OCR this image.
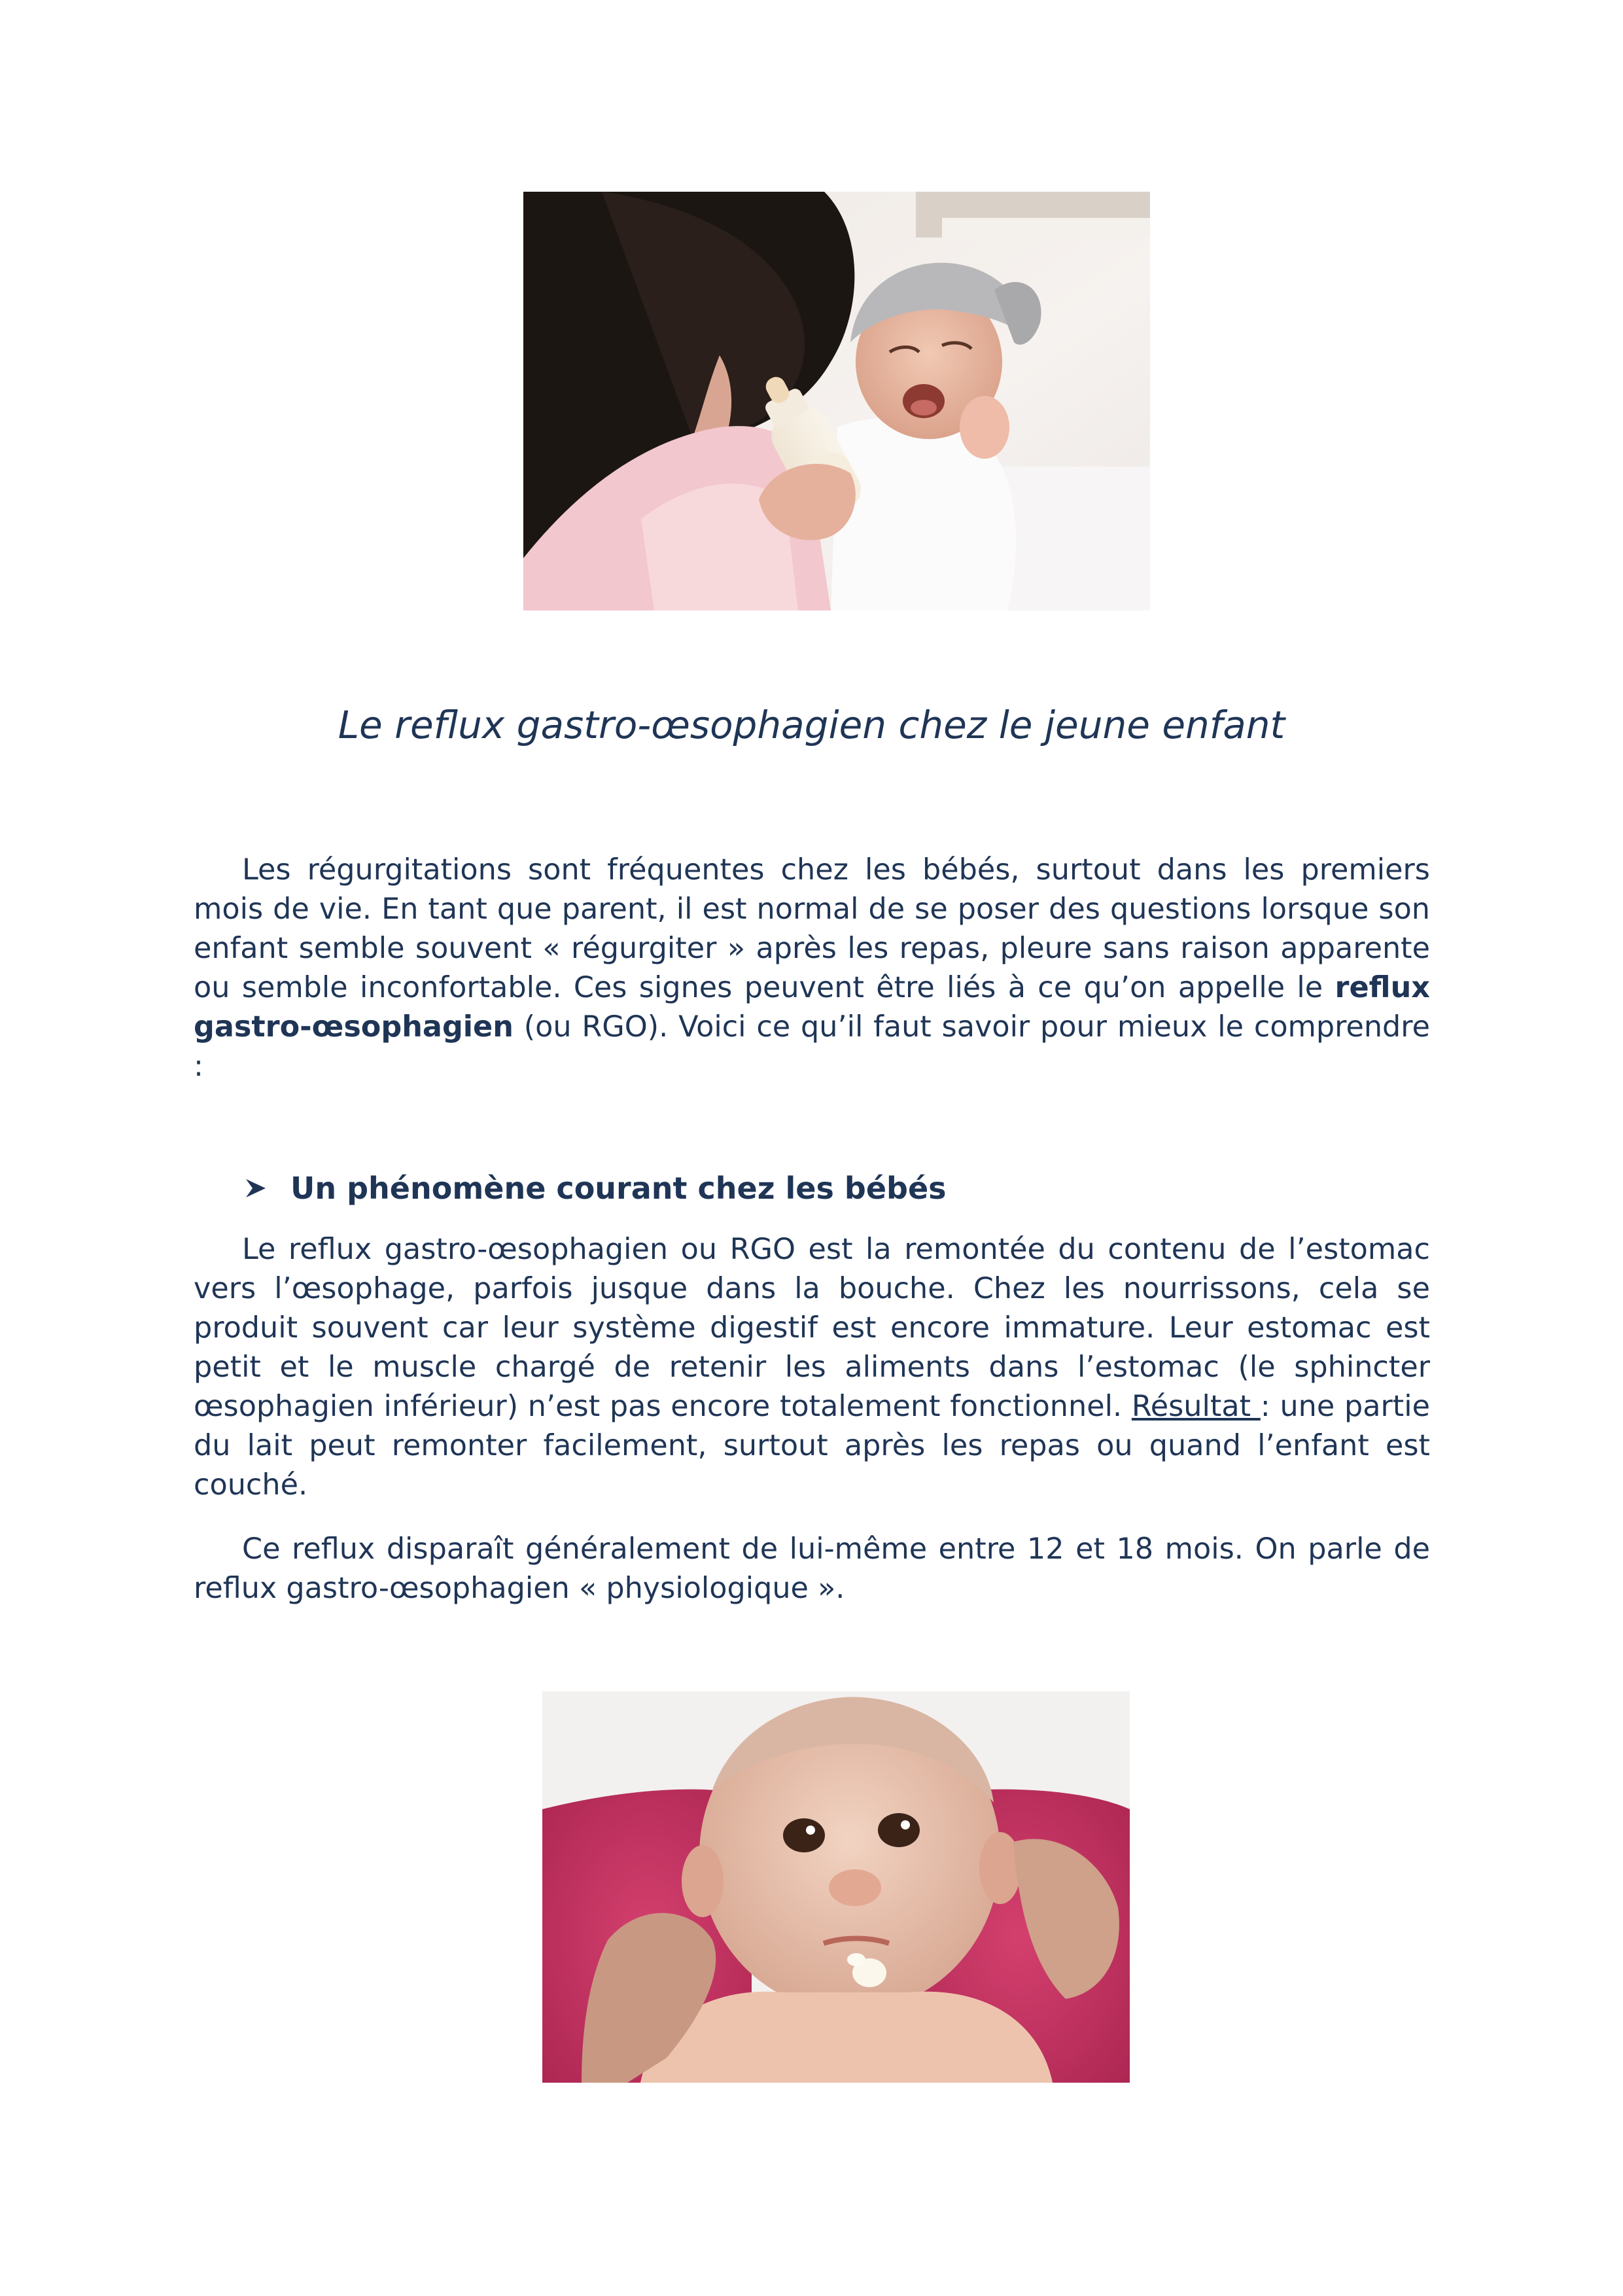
Le reflux gastro-œsophagien chez le jeune enfant

Les régurgitations sont fréquentes chez les bébés, surtout dans les premiers mois de vie. En tant que parent, il est normal de se poser des questions lorsque son enfant semble souvent « régurgiter » après les repas, pleure sans raison apparente ou semble inconfortable. Ces signes peuvent être liés à ce qu’on appelle le reflux gastro-œsophagien (ou RGO). Voici ce qu’il faut savoir pour mieux le comprendre :

Un phénomène courant chez les bébés

Le reflux gastro-œsophagien ou RGO est la remontée du contenu de l’estomac vers l’œsophage, parfois jusque dans la bouche. Chez les nourrissons, cela se produit souvent car leur système digestif est encore immature. Leur estomac est petit et le muscle chargé de retenir les aliments dans l’estomac (le sphincter œsophagien inférieur) n’est pas encore totalement fonctionnel. Résultat : une partie du lait peut remonter facilement, surtout après les repas ou quand l’enfant est couché.

Ce reflux disparaît généralement de lui-même entre 12 et 18 mois. On parle de reflux gastro-œsophagien « physiologique ».
